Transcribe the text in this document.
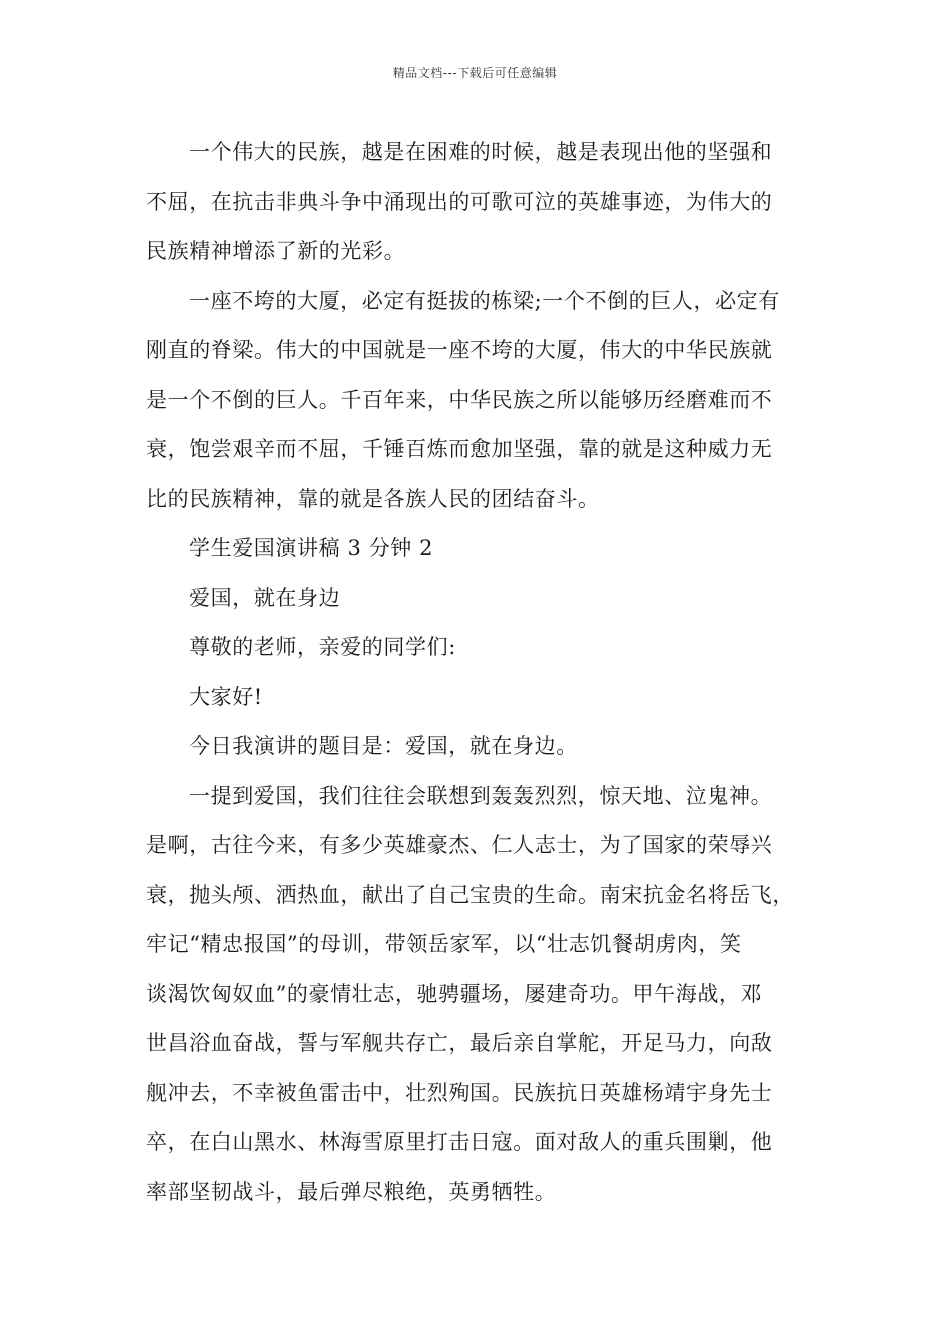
精品文档---下载后可任意编辑
一个伟大的民族，越是在困难的时候，越是表现出他的坚强和
不屈，在抗击非典斗争中涌现出的可歌可泣的英雄事迹，为伟大的
民族精神增添了新的光彩。
一座不垮的大厦，必定有挺拔的栋梁;一个不倒的巨人，必定有
刚直的脊梁。伟大的中国就是一座不垮的大厦，伟大的中华民族就
是一个不倒的巨人。千百年来，中华民族之所以能够历经磨难而不
衰，饱尝艰辛而不屈，千锤百炼而愈加坚强，靠的就是这种威力无
比的民族精神，靠的就是各族人民的团结奋斗。
学生爱国演讲稿 3 分钟 2
爱国，就在身边
尊敬的老师，亲爱的同学们:
大家好!
今日我演讲的题目是：爱国，就在身边。
一提到爱国，我们往往会联想到轰轰烈烈，惊天地、泣鬼神。
是啊，古往今来，有多少英雄豪杰、仁人志士，为了国家的荣辱兴
衰，抛头颅、洒热血，献出了自己宝贵的生命。南宋抗金名将岳飞，
牢记“精忠报国”的母训，带领岳家军，以“壮志饥餐胡虏肉，笑
谈渴饮匈奴血”的豪情壮志，驰骋疆场，屡建奇功。甲午海战，邓
世昌浴血奋战，誓与军舰共存亡，最后亲自掌舵，开足马力，向敌
舰冲去，不幸被鱼雷击中，壮烈殉国。民族抗日英雄杨靖宇身先士
卒，在白山黑水、林海雪原里打击日寇。面对敌人的重兵围剿，他
率部坚韧战斗，最后弹尽粮绝，英勇牺牲。
